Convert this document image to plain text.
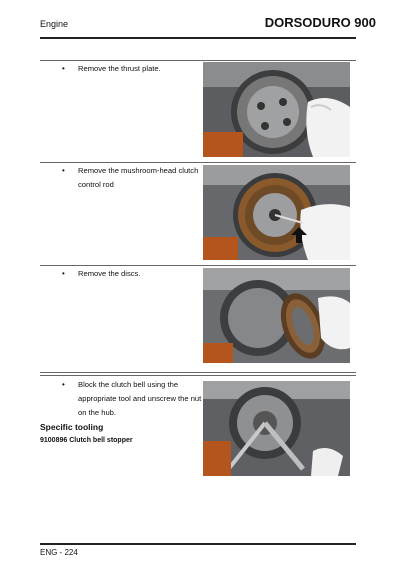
Engine	DORSODURO 900
• Remove the thrust plate.
• Remove the mushroom-head clutch control rod
• Remove the discs.
• Block the clutch bell using the appropriate tool and unscrew the nut on the hub.
Specific tooling
9100896 Clutch bell stopper
ENG - 224
